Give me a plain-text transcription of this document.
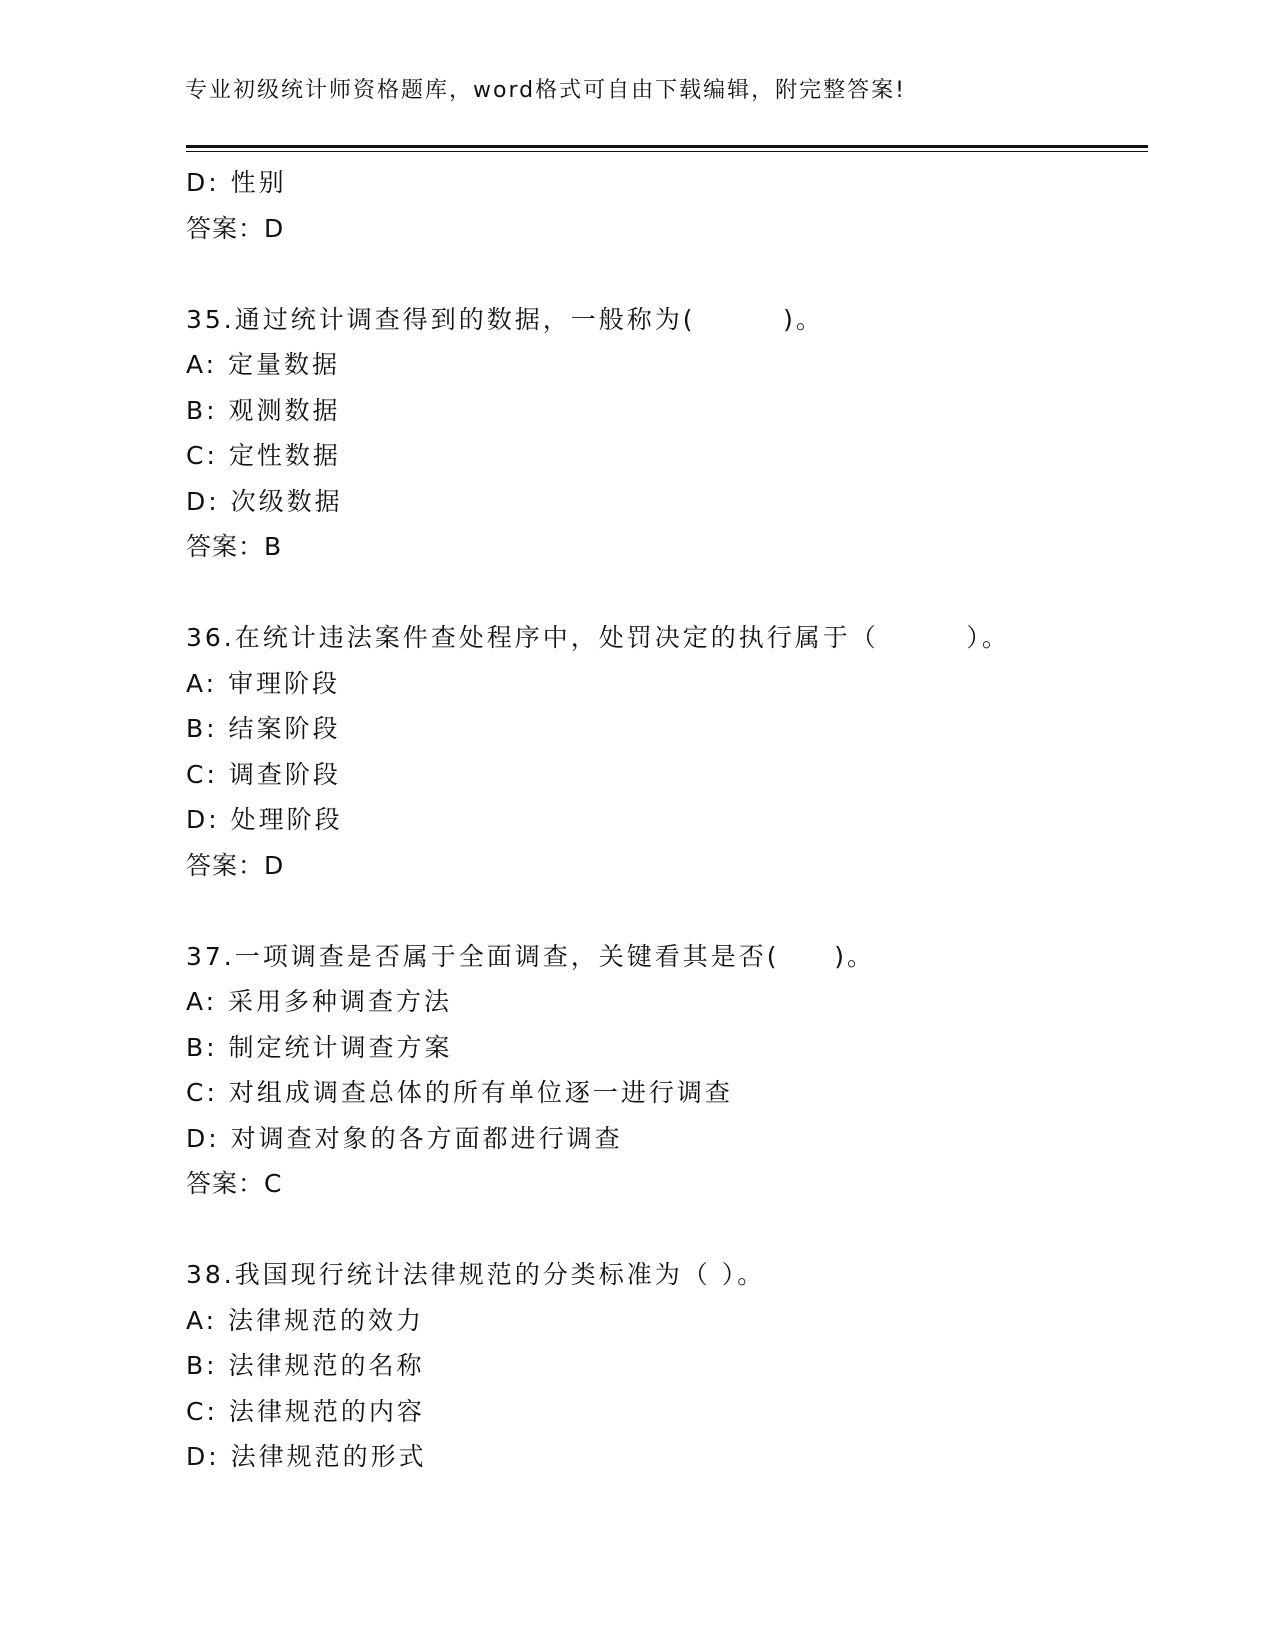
专业初级统计师资格题库，word格式可自由下载编辑，附完整答案!
D: 性别
答案：D
35.通过统计调查得到的数据，一般称为(        )。
A: 定量数据
B: 观测数据
C: 定性数据
D: 次级数据
答案：B
36.在统计违法案件查处程序中，处罚决定的执行属于（        ）。
A: 审理阶段
B: 结案阶段
C: 调查阶段
D: 处理阶段
答案：D
37.一项调查是否属于全面调查，关键看其是否(     )。
A: 采用多种调查方法
B: 制定统计调查方案
C: 对组成调查总体的所有单位逐一进行调查
D: 对调查对象的各方面都进行调查
答案：C
38.我国现行统计法律规范的分类标准为（ ）。
A: 法律规范的效力
B: 法律规范的名称
C: 法律规范的内容
D: 法律规范的形式
